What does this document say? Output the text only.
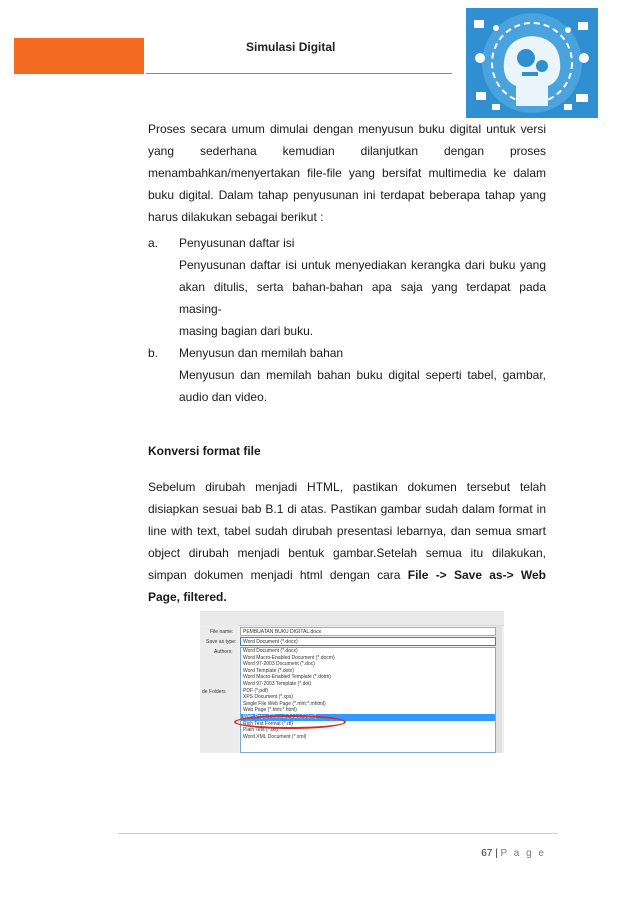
Simulasi Digital
Proses secara umum dimulai dengan menyusun buku digital untuk versi
yang sederhana kemudian dilanjutkan dengan proses
menambahkan/menyertakan file-file yang bersifat multimedia ke dalam
buku digital. Dalam tahap penyusunan ini terdapat beberapa tahap yang
harus dilakukan sebagai berikut :
a.	Penyusunan daftar isi
Penyusunan daftar isi untuk menyediakan kerangka dari buku yang
akan ditulis, serta bahan-bahan apa saja yang terdapat pada masing-
masing bagian dari buku.
b.	Menyusun dan memilah bahan
Menyusun dan memilah bahan buku digital seperti tabel, gambar,
audio dan video.
Konversi format file
Sebelum dirubah menjadi HTML, pastikan dokumen tersebut telah
disiapkan sesuai bab B.1 di atas. Pastikan gambar sudah dalam format in
line with text, tabel sudah dirubah presentasi lebarnya, dan semua smart
object dirubah menjadi bentuk gambar.Setelah semua itu dilakukan,
simpan dokumen menjadi html dengan cara File -> Save as-> Web
Page, filtered.
File name:	PEMBUATAN BUKU DIGITAL.docx
Save as type:	Word Document (*.docx)
Authors:
de Folders
Word Document (*.docx)
Word Macro-Enabled Document (*.docm)
Word 97-2003 Document (*.doc)
Word Template (*.dotx)
Word Macro-Enabled Template (*.dotm)
Word 97-2003 Template (*.dot)
PDF (*.pdf)
XPS Document (*.xps)
Single File Web Page (*.mht;*.mhtml)
Web Page (*.htm;*.html)
Web Page, Filtered (*.htm;*.html)
Rich Text Format (*.rtf)
Plain Text (*.txt)
Word XML Document (*.xml)
67 | P a g e
